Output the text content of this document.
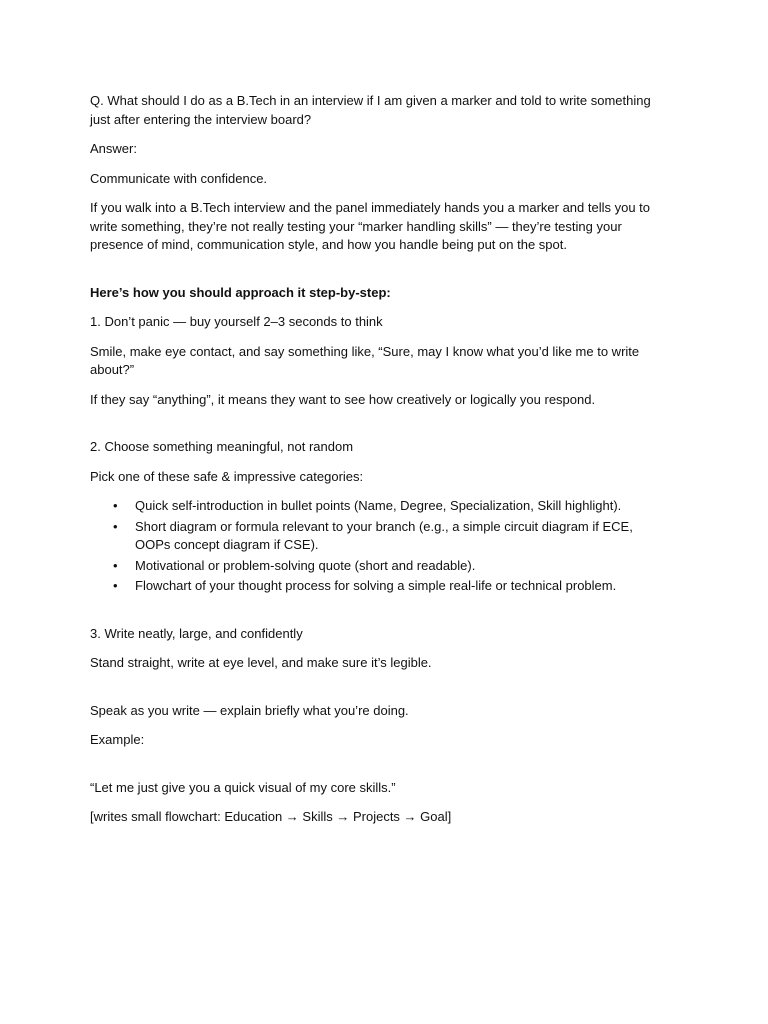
Q. What should I do as a B.Tech in an interview if I am given a marker and told to write something just after entering the interview board?

Answer:

Communicate with confidence.

If you walk into a B.Tech interview and the panel immediately hands you a marker and tells you to write something, they’re not really testing your “marker handling skills” — they’re testing your presence of mind, communication style, and how you handle being put on the spot.

Here’s how you should approach it step-by-step:

1. Don’t panic — buy yourself 2–3 seconds to think

Smile, make eye contact, and say something like, “Sure, may I know what you’d like me to write about?”

If they say “anything”, it means they want to see how creatively or logically you respond.

2. Choose something meaningful, not random

Pick one of these safe & impressive categories:

• Quick self-introduction in bullet points (Name, Degree, Specialization, Skill highlight).
• Short diagram or formula relevant to your branch (e.g., a simple circuit diagram if ECE, OOPs concept diagram if CSE).
• Motivational or problem-solving quote (short and readable).
• Flowchart of your thought process for solving a simple real-life or technical problem.

3. Write neatly, large, and confidently

Stand straight, write at eye level, and make sure it’s legible.

Speak as you write — explain briefly what you’re doing.

Example:

“Let me just give you a quick visual of my core skills.”

[writes small flowchart: Education → Skills → Projects → Goal]
